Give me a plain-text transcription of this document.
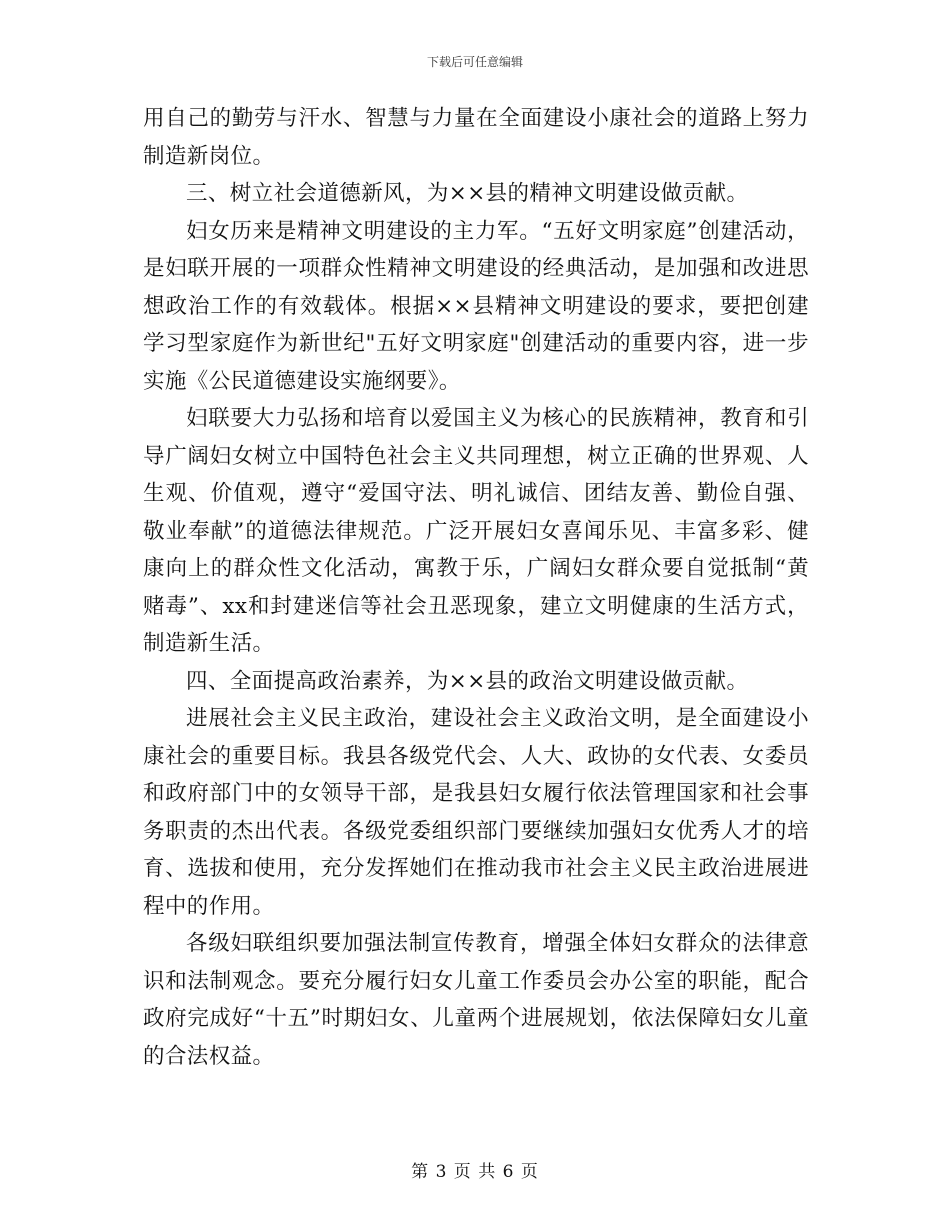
下载后可任意编辑

用自己的勤劳与汗水、智慧与力量在全面建设小康社会的道路上努力制造新岗位。

三、树立社会道德新风，为××县的精神文明建设做贡献。

妇女历来是精神文明建设的主力军。“五好文明家庭”创建活动，是妇联开展的一项群众性精神文明建设的经典活动，是加强和改进思想政治工作的有效载体。根据××县精神文明建设的要求，要把创建学习型家庭作为新世纪"五好文明家庭"创建活动的重要内容，进一步实施《公民道德建设实施纲要》。

妇联要大力弘扬和培育以爱国主义为核心的民族精神，教育和引导广阔妇女树立中国特色社会主义共同理想，树立正确的世界观、人生观、价值观，遵守“爱国守法、明礼诚信、团结友善、勤俭自强、敬业奉献”的道德法律规范。广泛开展妇女喜闻乐见、丰富多彩、健康向上的群众性文化活动，寓教于乐，广阔妇女群众要自觉抵制“黄赌毒”、xx和封建迷信等社会丑恶现象，建立文明健康的生活方式，制造新生活。

四、全面提高政治素养，为××县的政治文明建设做贡献。

进展社会主义民主政治，建设社会主义政治文明，是全面建设小康社会的重要目标。我县各级党代会、人大、政协的女代表、女委员和政府部门中的女领导干部，是我县妇女履行依法管理国家和社会事务职责的杰出代表。各级党委组织部门要继续加强妇女优秀人才的培育、选拔和使用，充分发挥她们在推动我市社会主义民主政治进展进程中的作用。

各级妇联组织要加强法制宣传教育，增强全体妇女群众的法律意识和法制观念。要充分履行妇女儿童工作委员会办公室的职能，配合政府完成好“十五”时期妇女、儿童两个进展规划，依法保障妇女儿童的合法权益。

第 3 页 共 6 页
